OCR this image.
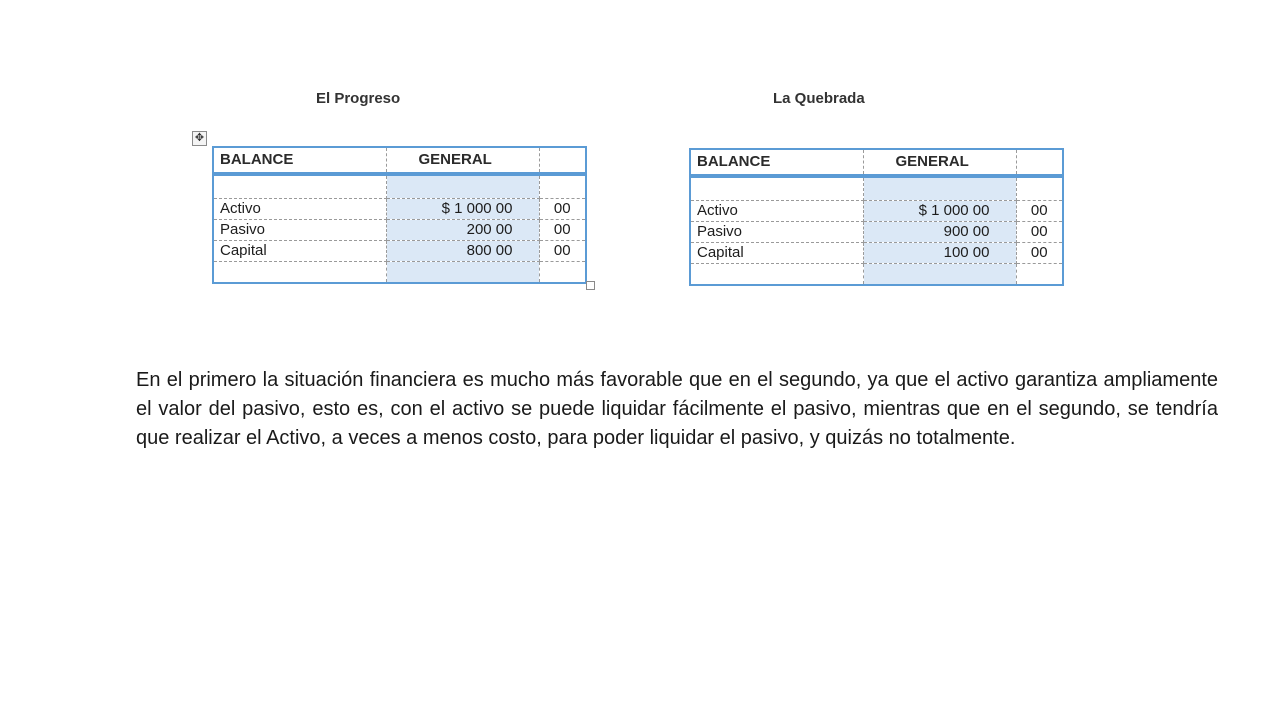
El Progreso	La Quebrada
✥
BALANCE	GENERAL	

Activo	$ 1 000 00	00
Pasivo	200 00	00
Capital	800 00	00

BALANCE	GENERAL	

Activo	$ 1 000 00	00
Pasivo	900 00	00
Capital	100 00	00

En el primero la situación financiera es mucho más favorable que en el segundo, ya que el activo garantiza ampliamente el valor del pasivo, esto es, con el activo se puede liquidar fácilmente el pasivo, mientras que en el segundo, se tendría que realizar el Activo, a veces a menos costo, para poder liquidar el pasivo, y quizás no totalmente.
